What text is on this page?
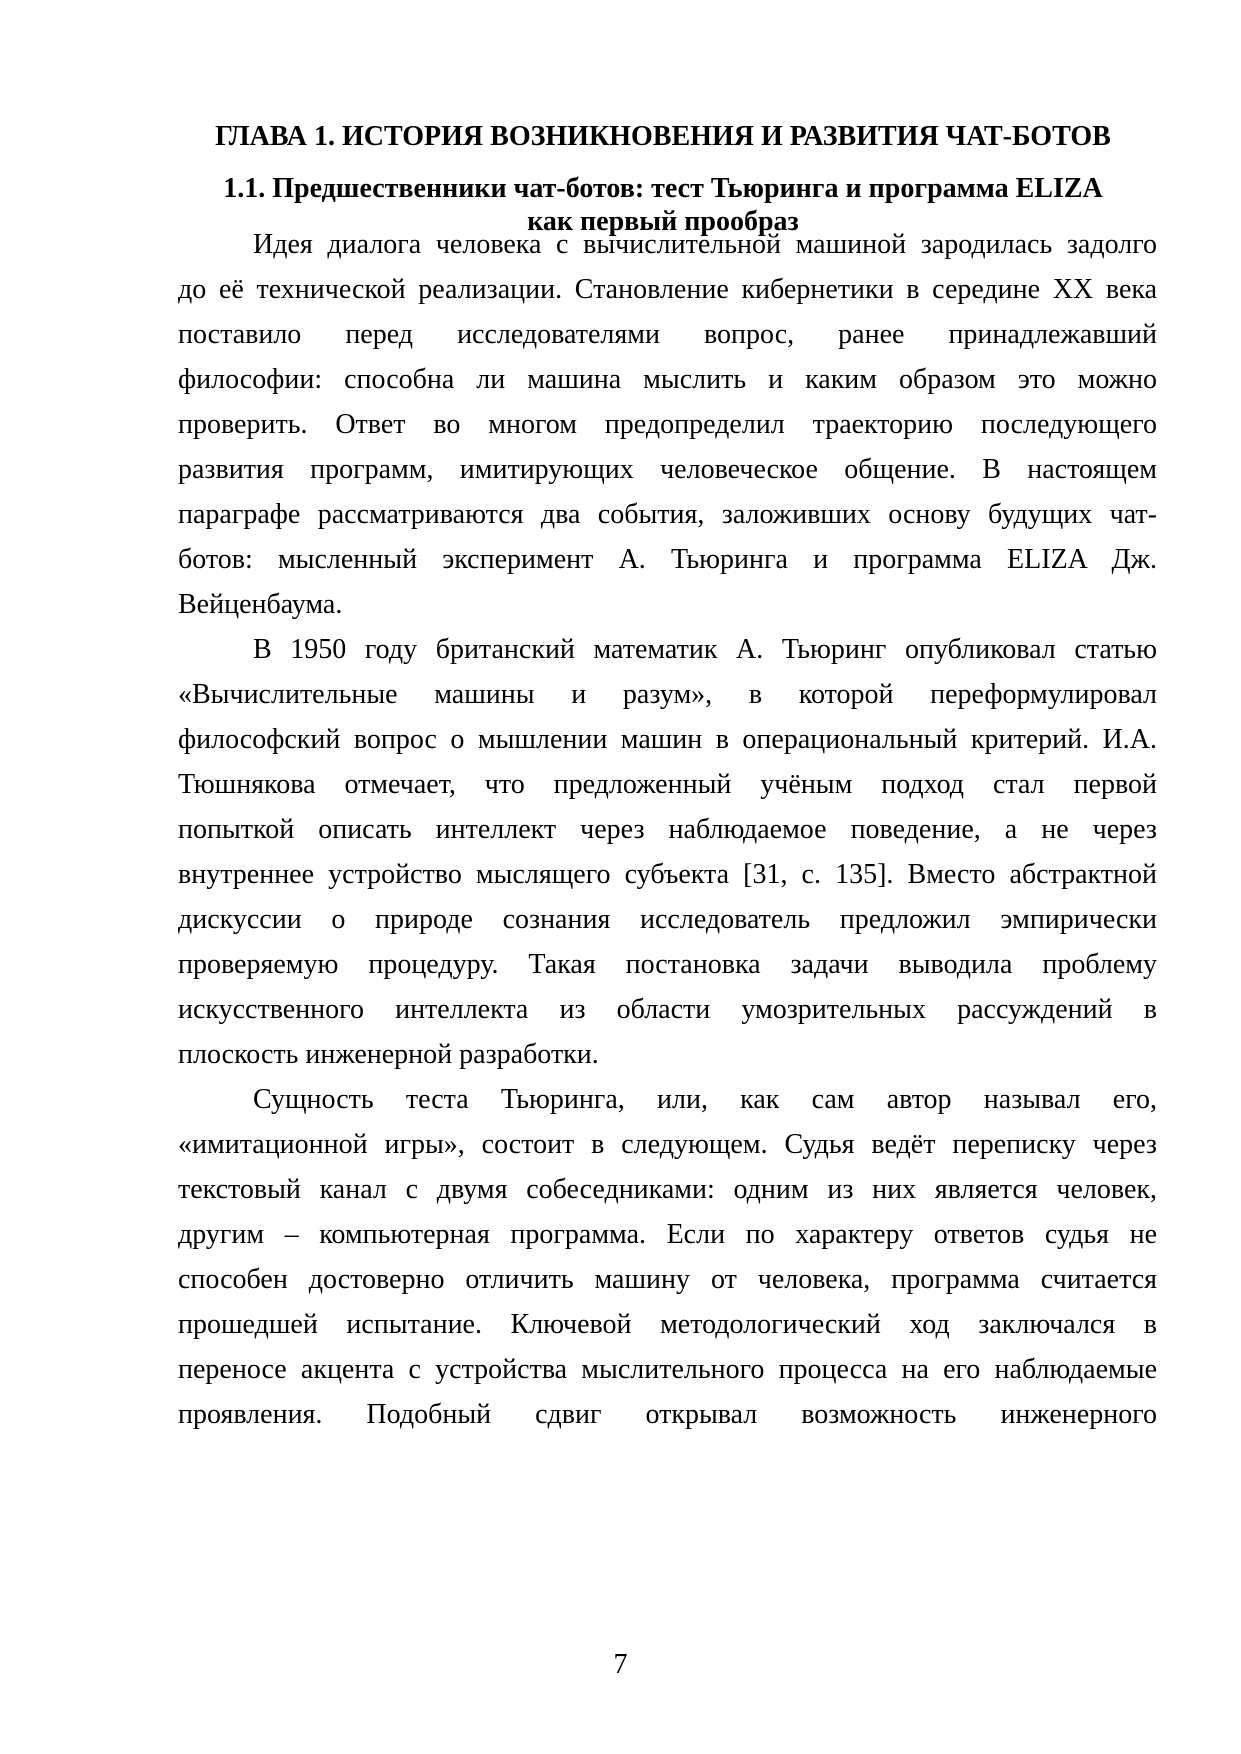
ГЛАВА 1. ИСТОРИЯ ВОЗНИКНОВЕНИЯ И РАЗВИТИЯ ЧАТ-БОТОВ
1.1. Предшественники чат-ботов: тест Тьюринга и программа ELIZA
как первый прообраз
Идея диалога человека с вычислительной машиной зародилась задолго
до её технической реализации. Становление кибернетики в середине XX века
поставило перед исследователями вопрос, ранее принадлежавший
философии: способна ли машина мыслить и каким образом это можно
проверить. Ответ во многом предопределил траекторию последующего
развития программ, имитирующих человеческое общение. В настоящем
параграфе рассматриваются два события, заложивших основу будущих чат-
ботов: мысленный эксперимент А. Тьюринга и программа ELIZA Дж.
Вейценбаума.
В 1950 году британский математик А. Тьюринг опубликовал статью
«Вычислительные машины и разум», в которой переформулировал
философский вопрос о мышлении машин в операциональный критерий. И.А.
Тюшнякова отмечает, что предложенный учёным подход стал первой
попыткой описать интеллект через наблюдаемое поведение, а не через
внутреннее устройство мыслящего субъекта [31, с. 135]. Вместо абстрактной
дискуссии о природе сознания исследователь предложил эмпирически
проверяемую процедуру. Такая постановка задачи выводила проблему
искусственного интеллекта из области умозрительных рассуждений в
плоскость инженерной разработки.
Сущность теста Тьюринга, или, как сам автор называл его,
«имитационной игры», состоит в следующем. Судья ведёт переписку через
текстовый канал с двумя собеседниками: одним из них является человек,
другим – компьютерная программа. Если по характеру ответов судья не
способен достоверно отличить машину от человека, программа считается
прошедшей испытание. Ключевой методологический ход заключался в
переносе акцента с устройства мыслительного процесса на его наблюдаемые
проявления. Подобный сдвиг открывал возможность инженерного
7
